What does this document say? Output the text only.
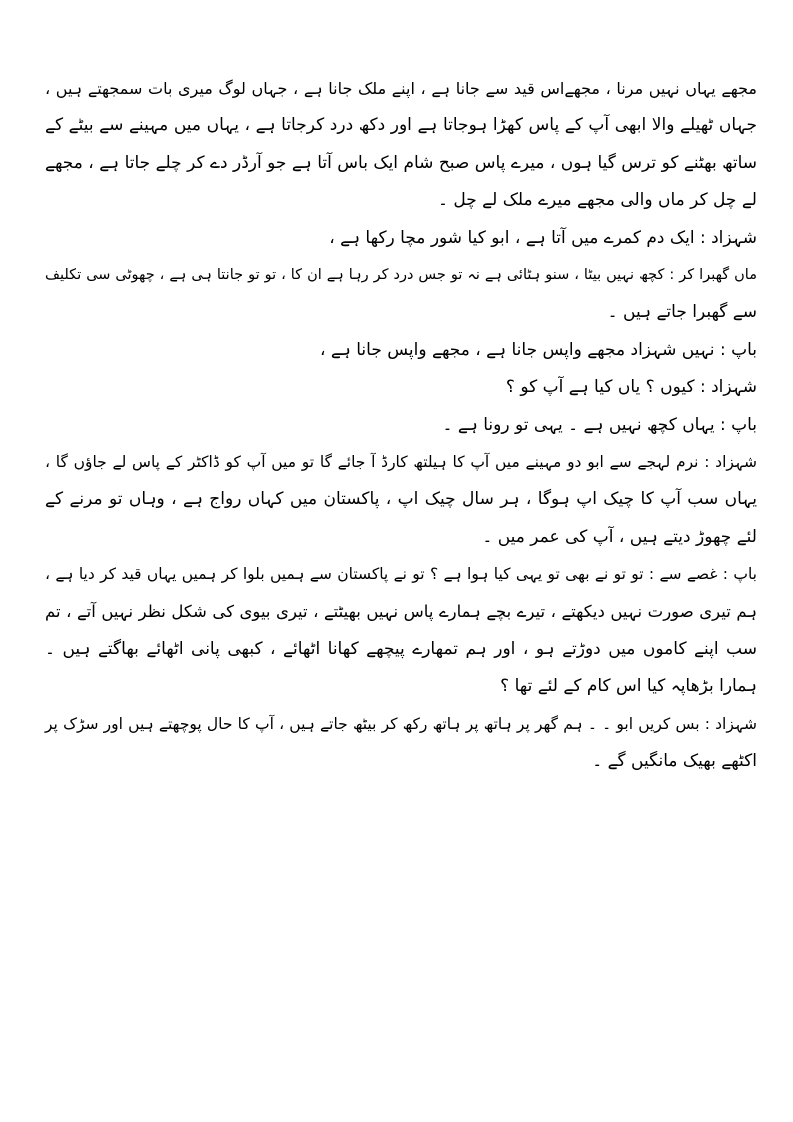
مجھے یہاں نہیں مرنا ، مجھےاس قید سے جانا ہے ، اپنے ملک جانا ہے ، جہاں لوگ میری بات سمجھتے ہیں ،
جہاں ٹھیلے والا ابھی آپ کے پاس کھڑا ہوجاتا ہے اور دکھ درد کرجاتا ہے ، یہاں میں مہینے سے بیٹے کے
ساتھ بھٹنے کو ترس گیا ہوں ، میرے پاس صبح شام ایک باس آتا ہے جو آرڈر دے کر چلے جاتا ہے ، مجھے
لے چل کر ماں والی مجھے میرے ملک لے چل ۔
شہزاد : ایک دم کمرے میں آتا ہے ، ابو کیا شور مچا رکھا ہے ،
ماں گھبرا کر : کچھ نہیں بیٹا ، سنو ہٹائی ہے نہ تو جس درد کر رہا ہے ان کا ، تو تو جانتا ہی ہے ، چھوٹی سی تکلیف
سے گھبرا جاتے ہیں ۔
باپ : نہیں شہزاد مجھے واپس جانا ہے ، مجھے واپس جانا ہے ،
شہزاد : کیوں ؟ یاں کیا ہے آپ کو ؟
باپ : یہاں کچھ نہیں ہے ۔ یہی تو رونا ہے ۔
شہزاد : نرم لہجے سے ابو دو مہینے میں آپ کا ہیلتھ کارڈ آ جائے گا تو میں آپ کو ڈاکٹر کے پاس لے جاؤں گا ،
یہاں سب آپ کا چیک اپ ہوگا ، ہر سال چیک اپ ، پاکستان میں کہاں رواج ہے ، وہاں تو مرنے کے
لئے چھوڑ دیتے ہیں ، آپ کی عمر میں ۔
باپ : غصے سے : تو تو نے بھی تو یہی کیا ہوا ہے ؟ تو نے پاکستان سے ہمیں بلوا کر ہمیں یہاں قید کر دیا ہے ،
ہم تیری صورت نہیں دیکھتے ، تیرے بچے ہمارے پاس نہیں بھیٹتے ، تیری بیوی کی شکل نظر نہیں آتے ، تم
سب اپنے کاموں میں دوڑتے ہو ، اور ہم تمھارے پیچھے کھانا اٹھائے ، کبھی پانی اٹھائے بھاگتے ہیں ۔
ہمارا بڑھاپہ کیا اس کام کے لئے تھا ؟
شہزاد : بس کریں ابو ۔ ۔ ہم گھر پر ہاتھ پر ہاتھ رکھ کر بیٹھ جاتے ہیں ، آپ کا حال پوچھتے ہیں اور سڑک پر
اکٹھے بھیک مانگیں گے ۔
